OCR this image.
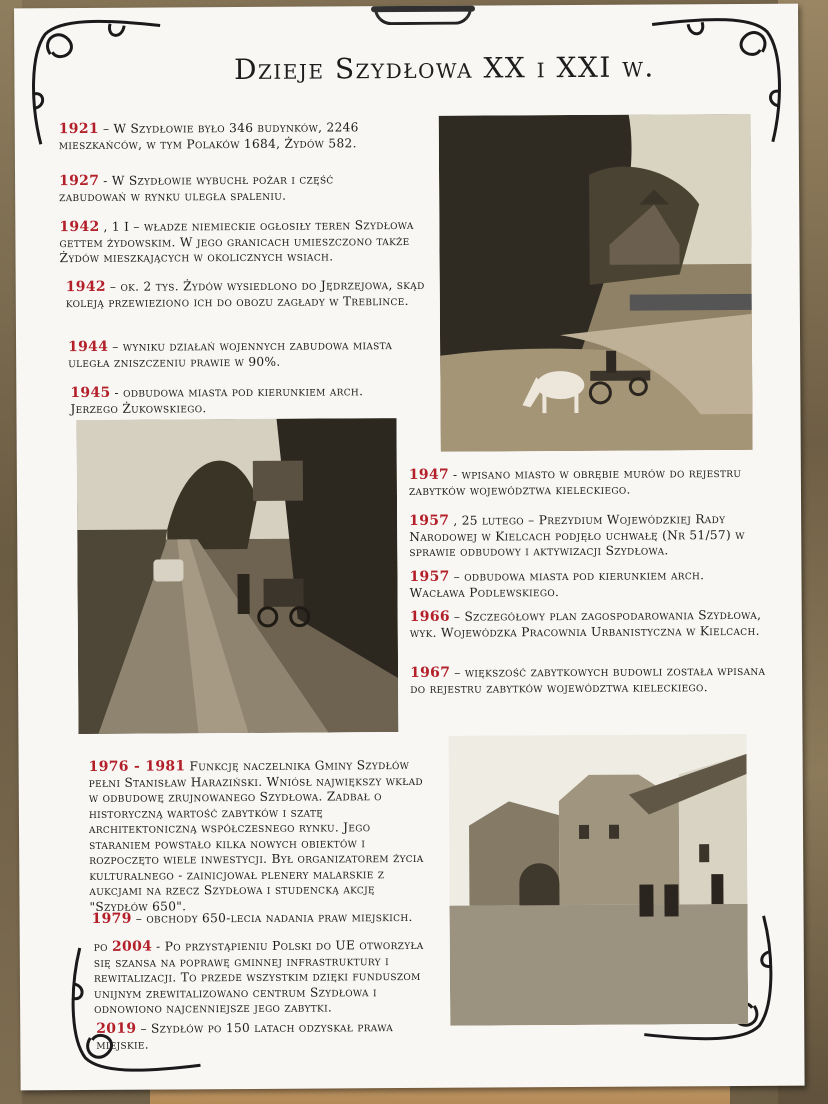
Dzieje Szydłowa XX i XXI w.
1921 – W Szydłowie było 346 budynków, 2246 mieszkańców, w tym Polaków 1684, Żydów 582.
1927 - W Szydłowie wybuchł pożar i część zabudowań w rynku uległa spaleniu.
1942 , 1 I – władze niemieckie ogłosiły teren Szydłowa gettem żydowskim. W jego granicach umieszczono także Żydów mieszkających w okolicznych wsiach.
1942 – ok. 2 tys. Żydów wysiedlono do Jędrzejowa, skąd koleją przewieziono ich do obozu zagłady w Treblince.
1944 – wyniku działań wojennych zabudowa miasta uległa zniszczeniu prawie w 90%.
1945 - odbudowa miasta pod kierunkiem arch. Jerzego Żukowskiego.
1947 - wpisano miasto w obrębie murów do rejestru zabytków województwa kieleckiego.
1957 , 25 lutego – Prezydium Wojewódzkiej Rady Narodowej w Kielcach podjęło uchwałę (Nr 51/57) w sprawie odbudowy i aktywizacji Szydłowa.
1957 – odbudowa miasta pod kierunkiem arch. Wacława Podlewskiego.
1966 – Szczegółowy plan zagospodarowania Szydłowa, wyk. Wojewódzka Pracownia Urbanistyczna w Kielcach.
1967 – większość zabytkowych budowli została wpisana do rejestru zabytków województwa kieleckiego.
1976 - 1981 Funkcję naczelnika Gminy Szydłów pełni Stanisław Haraziński. Wniósł największy wkład w odbudowę zrujnowanego Szydłowa. Zadbał o historyczną wartość zabytków i szatę architektoniczną współczesnego rynku. Jego staraniem powstało kilka nowych obiektów i rozpoczęto wiele inwestycji. Był organizatorem życia kulturalnego - zainicjował plenery malarskie z aukcjami na rzecz Szydłowa i studencką akcję "Szydłów 650".
1979 – obchody 650-lecia nadania praw miejskich.
po 2004 - Po przystąpieniu Polski do UE otworzyła się szansa na poprawę gminnej infrastruktury i rewitalizacji. To przede wszystkim dzięki funduszom unijnym zrewitalizowano centrum Szydłowa i odnowiono najcenniejsze jego zabytki.
2019 – Szydłów po 150 latach odzyskał prawa miejskie.
